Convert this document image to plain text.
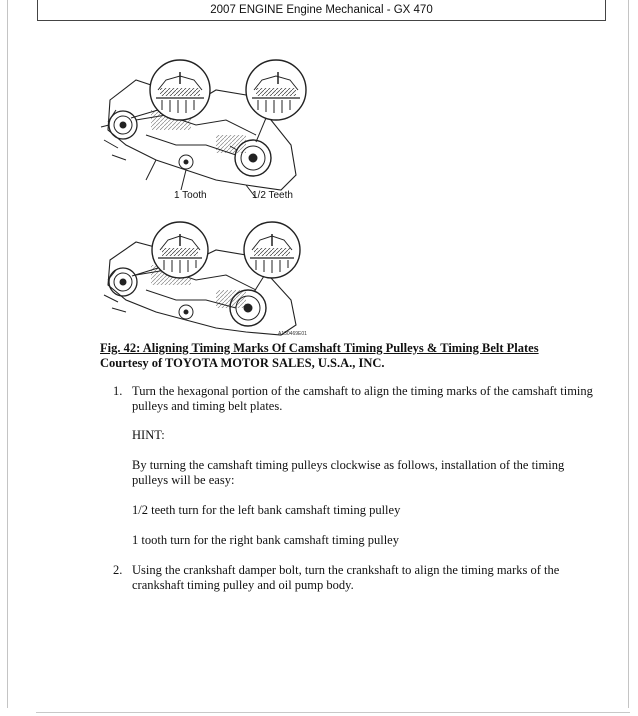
2007 ENGINE Engine Mechanical - GX 470
1 Tooth	1/2 Teeth
A130469E01
Fig. 42: Aligning Timing Marks Of Camshaft Timing Pulleys & Timing Belt Plates
Courtesy of TOYOTA MOTOR SALES, U.S.A., INC.
1. Turn the hexagonal portion of the camshaft to align the timing marks of the camshaft timing pulleys and timing belt plates.

HINT:

By turning the camshaft timing pulleys clockwise as follows, installation of the timing pulleys will be easy:

1/2 teeth turn for the left bank camshaft timing pulley

1 tooth turn for the right bank camshaft timing pulley

2. Using the crankshaft damper bolt, turn the crankshaft to align the timing marks of the crankshaft timing pulley and oil pump body.
